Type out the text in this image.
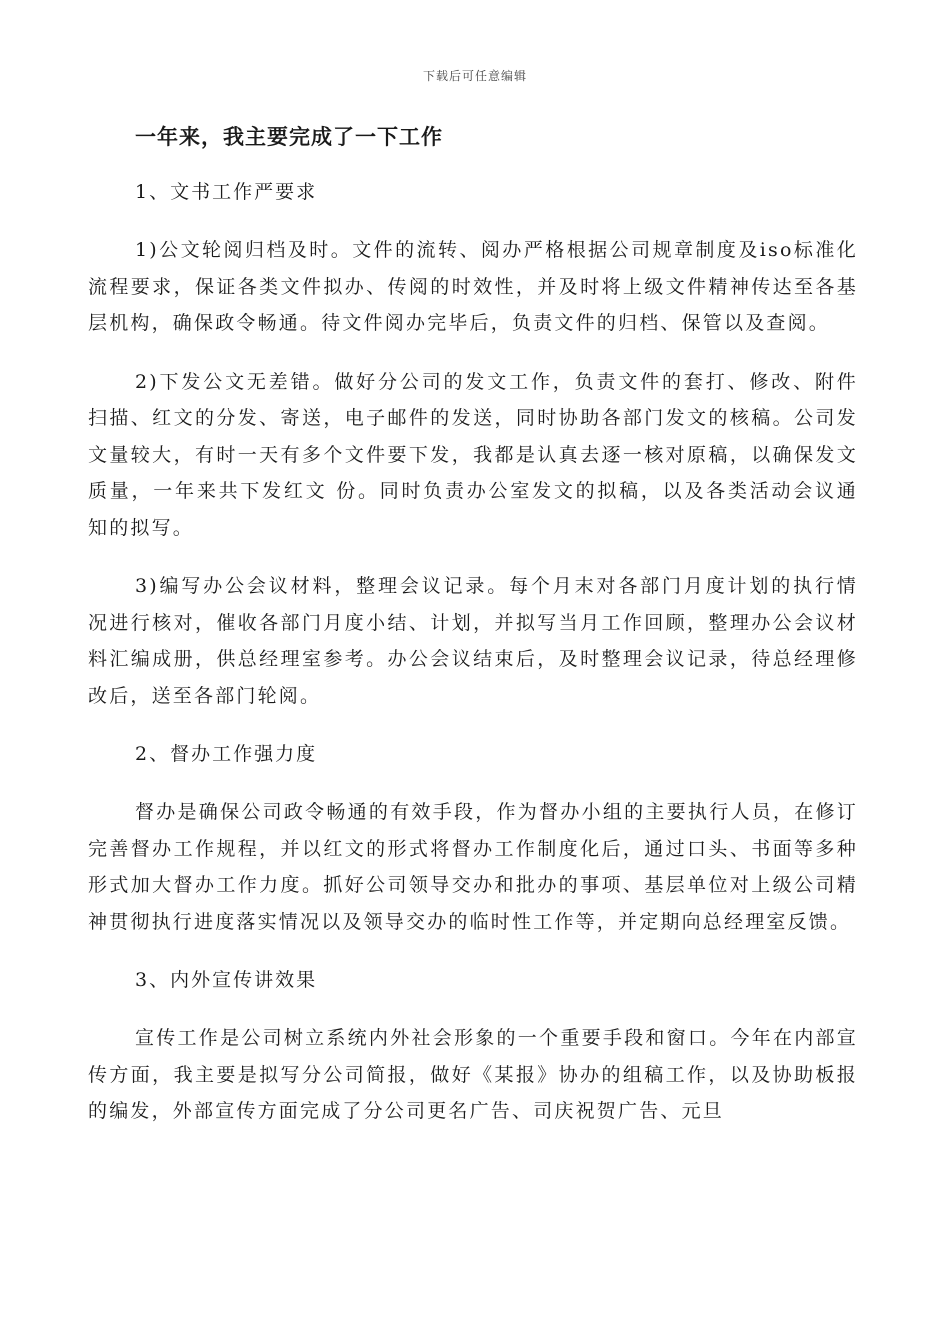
下载后可任意编辑
一年来，我主要完成了一下工作
1、文书工作严要求

1)公文轮阅归档及时。文件的流转、阅办严格根据公司规章制度及iso标准化流程要求，保证各类文件拟办、传阅的时效性，并及时将上级文件精神传达至各基层机构，确保政令畅通。待文件阅办完毕后，负责文件的归档、保管以及查阅。

2)下发公文无差错。做好分公司的发文工作，负责文件的套打、修改、附件扫描、红文的分发、寄送，电子邮件的发送，同时协助各部门发文的核稿。公司发文量较大，有时一天有多个文件要下发，我都是认真去逐一核对原稿，以确保发文质量，一年来共下发红文 份。同时负责办公室发文的拟稿，以及各类活动会议通知的拟写。

3)编写办公会议材料，整理会议记录。每个月末对各部门月度计划的执行情况进行核对，催收各部门月度小结、计划，并拟写当月工作回顾，整理办公会议材料汇编成册，供总经理室参考。办公会议结束后，及时整理会议记录，待总经理修改后，送至各部门轮阅。

2、督办工作强力度

督办是确保公司政令畅通的有效手段，作为督办小组的主要执行人员，在修订完善督办工作规程，并以红文的形式将督办工作制度化后，通过口头、书面等多种形式加大督办工作力度。抓好公司领导交办和批办的事项、基层单位对上级公司精神贯彻执行进度落实情况以及领导交办的临时性工作等，并定期向总经理室反馈。

3、内外宣传讲效果

宣传工作是公司树立系统内外社会形象的一个重要手段和窗口。今年在内部宣传方面，我主要是拟写分公司简报，做好《某报》协办的组稿工作，以及协助板报的编发，外部宣传方面完成了分公司更名广告、司庆祝贺广告、元旦
